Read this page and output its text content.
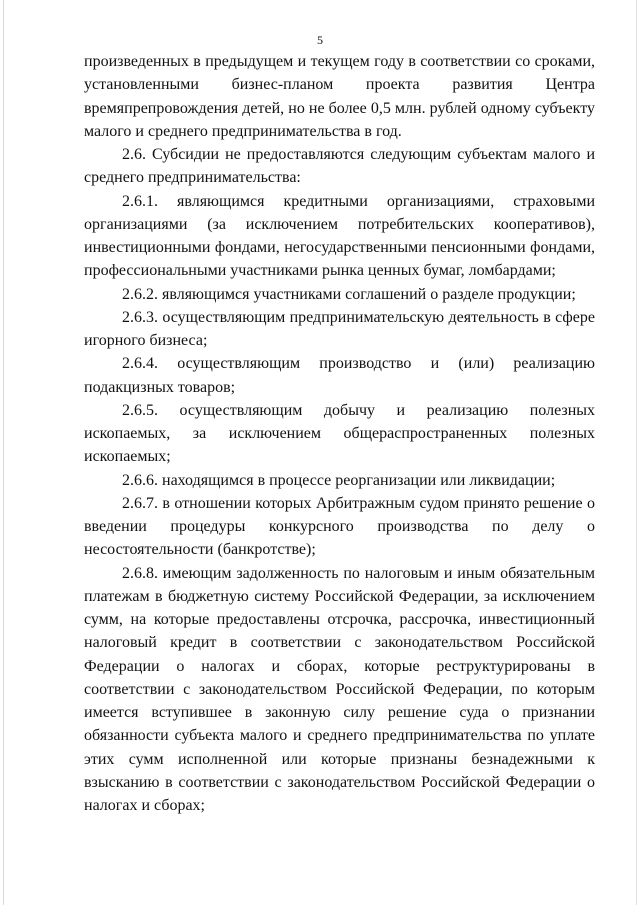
5

произведенных в предыдущем и текущем году в соответствии со сроками, установленными бизнес-планом проекта развития Центра времяпрепровождения детей, но не более 0,5 млн. рублей одному субъекту малого и среднего предпринимательства в год.

2.6. Субсидии не предоставляются следующим субъектам малого и среднего предпринимательства:

2.6.1. являющимся кредитными организациями, страховыми организациями (за исключением потребительских кооперативов), инвестиционными фондами, негосударственными пенсионными фондами, профессиональными участниками рынка ценных бумаг, ломбардами;

2.6.2. являющимся участниками соглашений о разделе продукции;

2.6.3. осуществляющим предпринимательскую деятельность в сфере игорного бизнеса;

2.6.4. осуществляющим производство и (или) реализацию подакцизных товаров;

2.6.5. осуществляющим добычу и реализацию полезных ископаемых, за исключением общераспространенных полезных ископаемых;

2.6.6. находящимся в процессе реорганизации или ликвидации;

2.6.7. в отношении которых Арбитражным судом принято решение о введении процедуры конкурсного производства по делу о несостоятельности (банкротстве);

2.6.8. имеющим задолженность по налоговым и иным обязательным платежам в бюджетную систему Российской Федерации, за исключением сумм, на которые предоставлены отсрочка, рассрочка, инвестиционный налоговый кредит в соответствии с законодательством Российской Федерации о налогах и сборах, которые реструктурированы в соответствии с законодательством Российской Федерации, по которым имеется вступившее в законную силу решение суда о признании обязанности субъекта малого и среднего предпринимательства по уплате этих сумм исполненной или которые признаны безнадежными к взысканию в соответствии с законодательством Российской Федерации о налогах и сборах;
